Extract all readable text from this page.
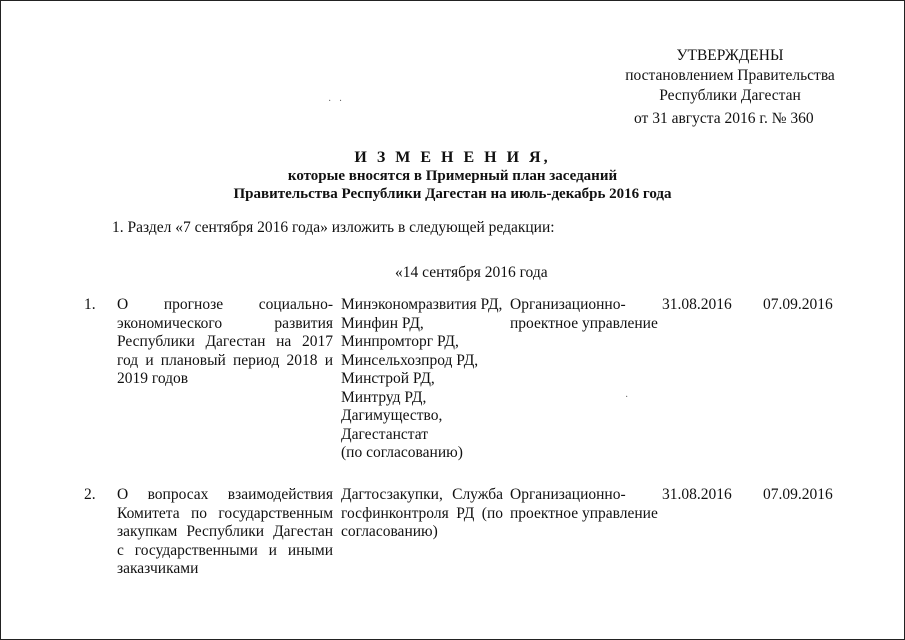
УТВЕРЖДЕНЫ
постановлением Правительства
Республики Дагестан
от 31 августа 2016 г. № 360
·   ·
И З М Е Н Е Н И Я,
которые вносятся в Примерный план заседаний
Правительства Республики Дагестан на июль-декабрь 2016 года
1. Раздел «7 сентября 2016 года» изложить в следующей редакции:
«14 сентября 2016 года
1. О прогнозе социально-экономического развития Республики Дагестан на 2017 год и плановый период 2018 и 2019 годов
Минэкономразвития РД,
Минфин РД,
Минпромторг РД,
Минсельхозпрод РД,
Минстрой РД,
Минтруд РД,
Дагимущество,
Дагестанстат
(по согласованию)
Организационно-проектное управление
31.08.2016 07.09.2016
·
2. О вопросах взаимодействия Комитета по государственным закупкам Республики Дагестан с государственными и иными заказчиками
Дагтосзакупки, Служба госфинконтроля РД (по согласованию)
Организационно-проектное управление
31.08.2016 07.09.2016
